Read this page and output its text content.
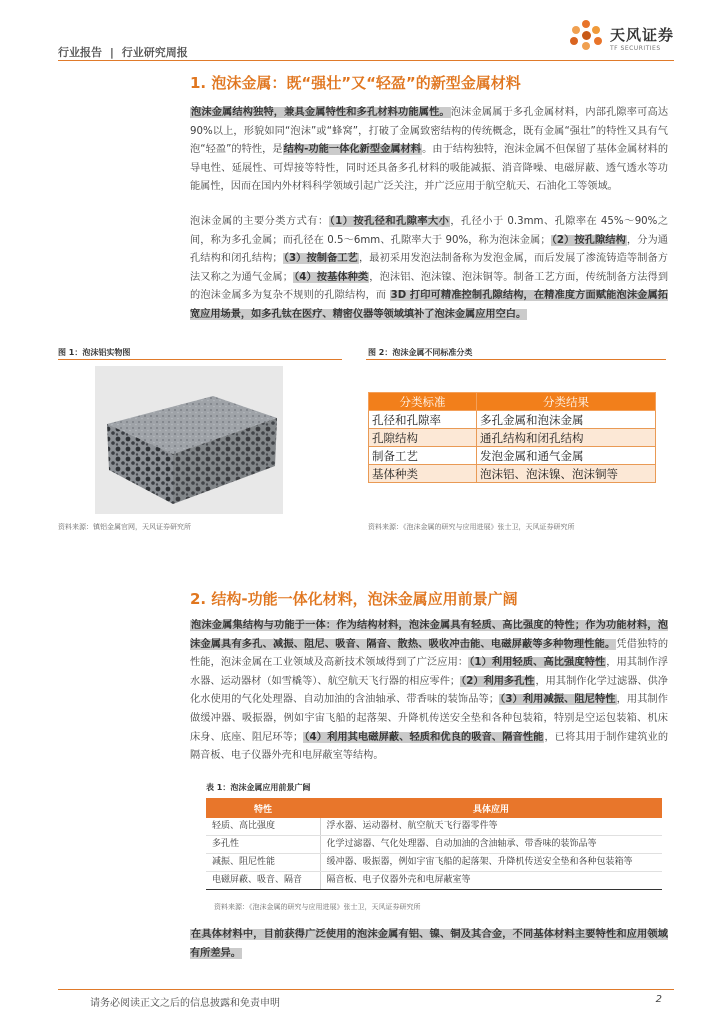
行业报告 | 行业研究周报
天风证券
TF SECURITIES
1. 泡沫金属：既“强壮”又“轻盈”的新型金属材料
泡沫金属结构独特，兼具金属特性和多孔材料功能属性。泡沫金属属于多孔金属材料，内部孔隙率可高达 90%以上，形貌如同“泡沫”或“蜂窝”，打破了金属致密结构的传统概念，既有金属“强壮”的特性又具有气泡“轻盈”的特性，是结构-功能一体化新型金属材料。由于结构独特，泡沫金属不但保留了基体金属材料的导电性、延展性、可焊接等特性，同时还具备多孔材料的吸能减振、消音降噪、电磁屏蔽、透气透水等功能属性，因而在国内外材料科学领域引起广泛关注，并广泛应用于航空航天、石油化工等领域。
泡沫金属的主要分类方式有：（1）按孔径和孔隙率大小，孔径小于 0.3mm、孔隙率在 45%～90%之间，称为多孔金属；而孔径在 0.5～6mm、孔隙率大于 90%，称为泡沫金属；（2）按孔隙结构，分为通孔结构和闭孔结构；（3）按制备工艺，最初采用发泡法制备称为发泡金属，而后发展了渗流铸造等制备方法又称之为通气金属；（4）按基体种类，泡沫铝、泡沫镍、泡沫铜等。制备工艺方面，传统制备方法得到的泡沫金属多为复杂不规则的孔隙结构，而 3D 打印可精准控制孔隙结构，在精准度方面赋能泡沫金属拓宽应用场景，如多孔钛在医疗、精密仪器等领域填补了泡沫金属应用空白。
图 1：泡沫铝实物图
资料来源：镇铝金属官网，天风证券研究所
图 2：泡沫金属不同标准分类
分类标准	分类结果
孔径和孔隙率	多孔金属和泡沫金属
孔隙结构	通孔结构和闭孔结构
制备工艺	发泡金属和通气金属
基体种类	泡沫铝、泡沫镍、泡沫铜等
资料来源：《泡沫金属的研究与应用进展》张士卫，天风证券研究所
2. 结构-功能一体化材料，泡沫金属应用前景广阔
泡沫金属集结构与功能于一体：作为结构材料，泡沫金属具有轻质、高比强度的特性；作为功能材料，泡沫金属具有多孔、减振、阻尼、吸音、隔音、散热、吸收冲击能、电磁屏蔽等多种物理性能。凭借独特的性能，泡沫金属在工业领域及高新技术领域得到了广泛应用：（1）利用轻质、高比强度特性，用其制作浮水器、运动器材（如雪橇等）、航空航天飞行器的相应零件；（2）利用多孔性，用其制作化学过滤器、供净化水使用的气化处理器、自动加油的含油轴承、带香味的装饰品等；（3）利用减振、阻尼特性，用其制作做缓冲器、吸振器，例如宇宙飞船的起落架、升降机传送安全垫和各种包装箱，特别是空运包装箱、机床床身、底座、阻尼环等；（4）利用其电磁屏蔽、轻质和优良的吸音、隔音性能，已将其用于制作建筑业的隔音板、电子仪器外壳和电屏蔽室等结构。
表 1：泡沫金属应用前景广阔
特性	具体应用
轻质、高比强度	浮水器、运动器材、航空航天飞行器零件等
多孔性	化学过滤器、气化处理器、自动加油的含油轴承、带香味的装饰品等
减振、阻尼性能	缓冲器、吸振器，例如宇宙飞船的起落架、升降机传送安全垫和各种包装箱等
电磁屏蔽、吸音、隔音	隔音板、电子仪器外壳和电屏蔽室等
资料来源：《泡沫金属的研究与应用进展》张士卫，天风证券研究所
在具体材料中，目前获得广泛使用的泡沫金属有铝、镍、铜及其合金，不同基体材料主要特性和应用领域有所差异。
请务必阅读正文之后的信息披露和免责申明	2
